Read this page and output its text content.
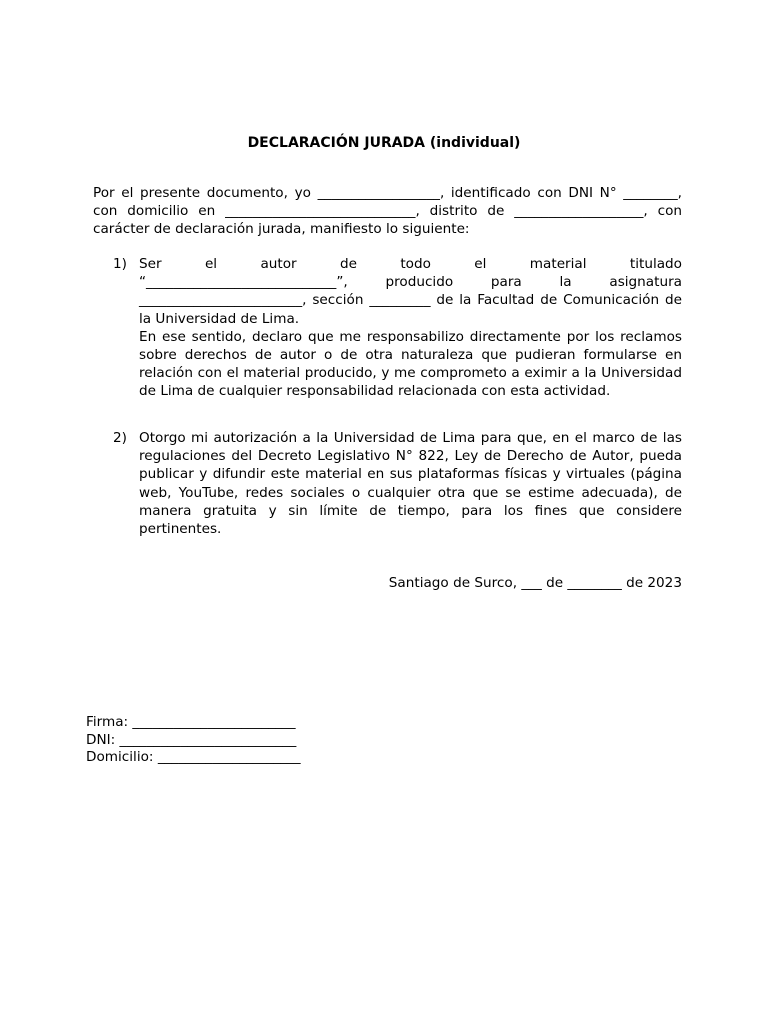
DECLARACIÓN JURADA (individual)
Por el presente documento, yo __________________, identificado con DNI N° ________, con domicilio en ____________________________, distrito de ___________________, con carácter de declaración jurada, manifiesto lo siguiente:
1) Ser el autor de todo el material titulado
“____________________________”, producido para la asignatura

________________________, sección _________ de la Facultad de Comunicación de la Universidad de Lima.

En ese sentido, declaro que me responsabilizo directamente por los reclamos sobre derechos de autor o de otra naturaleza que pudieran formularse en relación con el material producido, y me comprometo a eximir a la Universidad de Lima de cualquier responsabilidad relacionada con esta actividad.

2) Otorgo mi autorización a la Universidad de Lima para que, en el marco de las regulaciones del Decreto Legislativo N° 822, Ley de Derecho de Autor, pueda publicar y difundir este material en sus plataformas físicas y virtuales (página web, YouTube, redes sociales o cualquier otra que se estime adecuada), de manera gratuita y sin límite de tiempo, para los fines que considere pertinentes.

Santiago de Surco, ___ de ________ de 2023
Firma: ________________________
DNI: __________________________
Domicilio: _____________________
